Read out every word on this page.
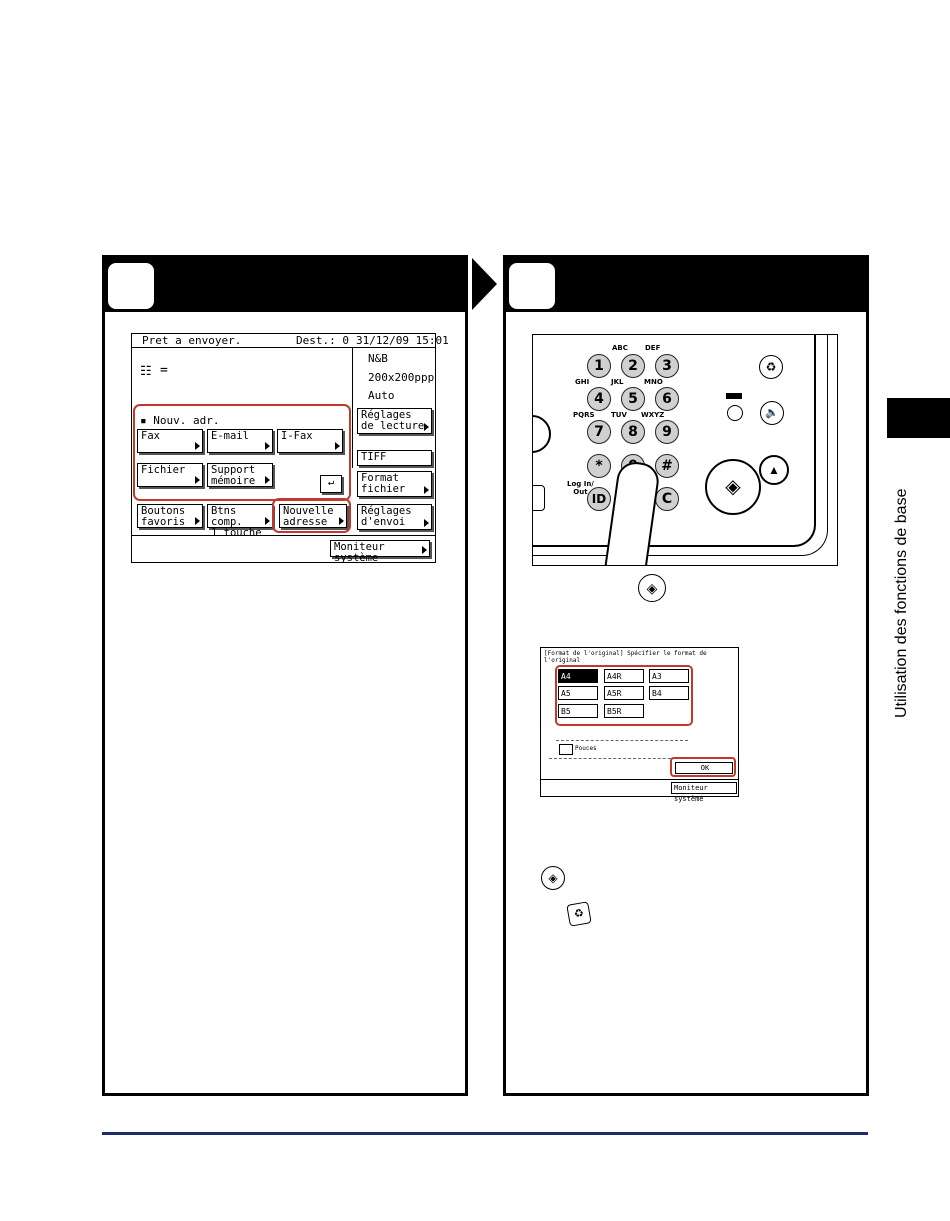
Pret a envoyer.	Dest.: 0 31/12/09 15:01
☷ =
N&B
200x200ppp
Auto
▪ Nouv. adr.
Fax	E-mail	I-Fax
Fichier	Support
mémoire	↵
Boutons
favoris
Btns comp.
1 touche
Nouvelle
adresse
Réglages
de lecture
TIFF
Format
fichier
Réglages
d'envoi
Moniteur système
ABC DEF
1	2	3
GHI	JKL	MNO
4	5	6
PQRS TUV WXYZ
7	8	9
*	#
Log In/
Out ID	C
♻
🔈
◈
▲
◈
[Format de l'original] Spécifier le format de l'original
A4	A4R	A3
A5	A5R	B4
B5	B5R
Pouces
OK
Moniteur système
◈
♻
Utilisation des fonctions de base
